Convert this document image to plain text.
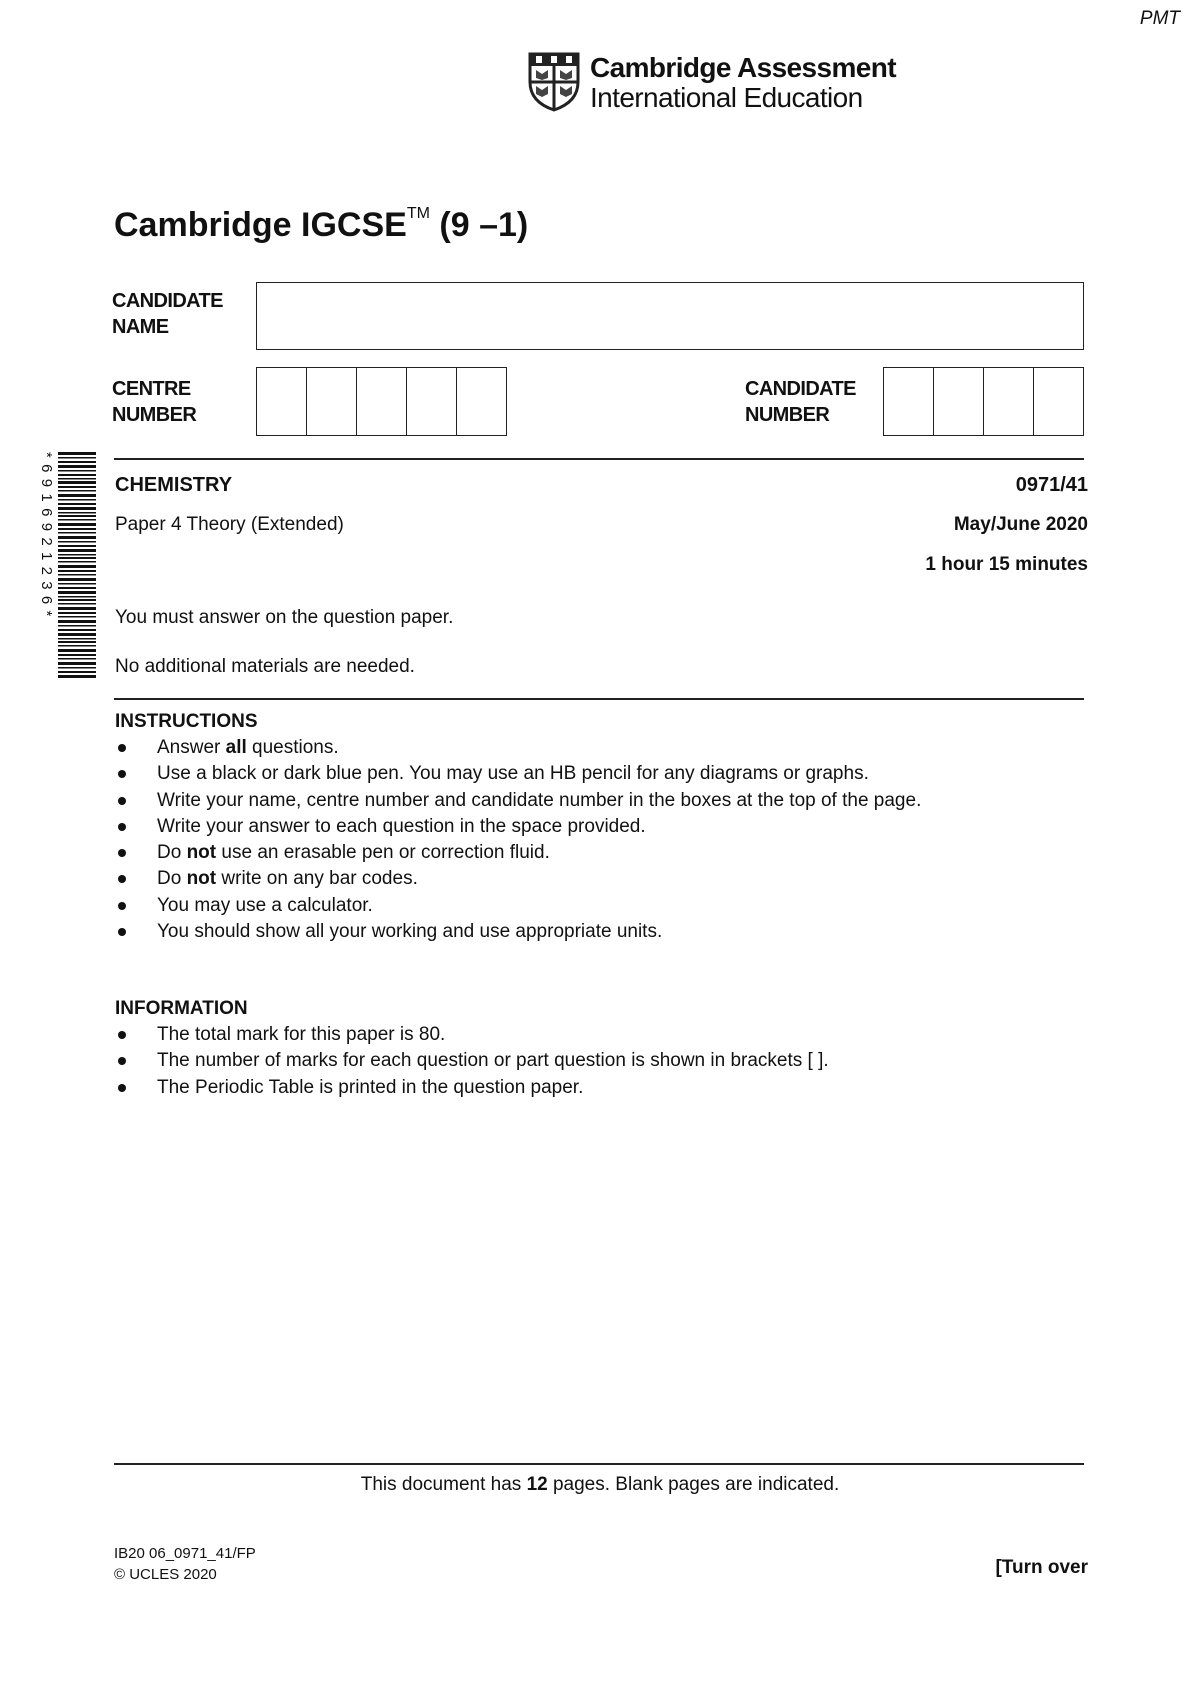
PMT
Cambridge Assessment
International Education
Cambridge IGCSE™ (9 –1)
CANDIDATE
NAME
CENTRE
NUMBER
CANDIDATE
NUMBER
*6916921236*	CHEMISTRY	0971/41
Paper 4 Theory (Extended)	May/June 2020
1 hour 15 minutes
You must answer on the question paper.
No additional materials are needed.
INSTRUCTIONS
Answer all questions.
Use a black or dark blue pen. You may use an HB pencil for any diagrams or graphs.
Write your name, centre number and candidate number in the boxes at the top of the page.
Write your answer to each question in the space provided.
Do not use an erasable pen or correction fluid.
Do not write on any bar codes.
You may use a calculator.
You should show all your working and use appropriate units.
INFORMATION
The total mark for this paper is 80.
The number of marks for each question or part question is shown in brackets [ ].
The Periodic Table is printed in the question paper.
This document has 12 pages. Blank pages are indicated.
IB20 06_0971_41/FP
© UCLES 2020	[Turn over
